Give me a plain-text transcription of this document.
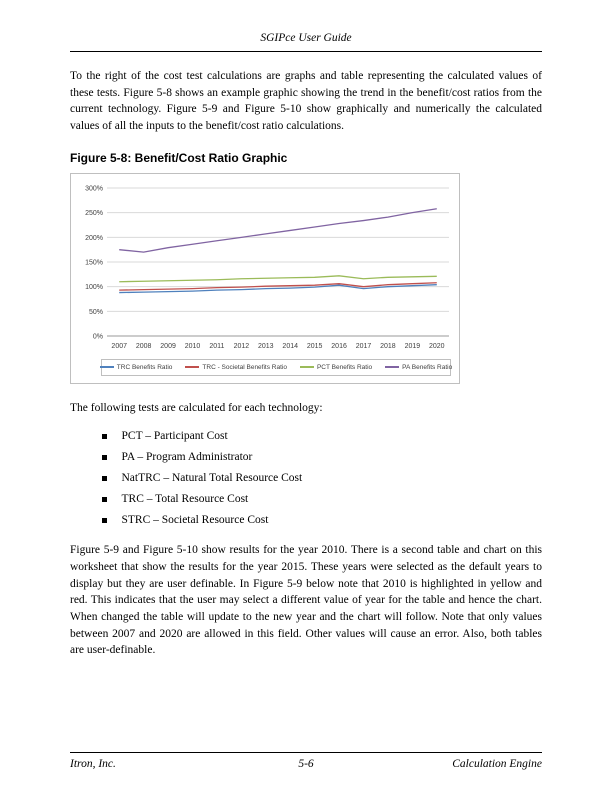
SGIPce User Guide

To the right of the cost test calculations are graphs and table representing the calculated values of these tests. Figure 5-8 shows an example graphic showing the trend in the benefit/cost ratios from the current technology. Figure 5-9 and Figure 5-10 show graphically and numerically the calculated values of all the inputs to the benefit/cost ratio calculations.

Figure 5-8: Benefit/Cost Ratio Graphic
0%
50%
100%
150%
200%
250%
300%
2007 2008 2009 2010 2011 2012 2013 2014 2015 2016 2017 2018 2019 2020
TRC Benefits Ratio	TRC - Societal Benefits Ratio	PCT Benefits Ratio	PA Benefits Ratio

The following tests are calculated for each technology:

PCT – Participant Cost
PA – Program Administrator
NatTRC – Natural Total Resource Cost
TRC – Total Resource Cost
STRC – Societal Resource Cost

Figure 5-9 and Figure 5-10 show results for the year 2010. There is a second table and chart on this worksheet that show the results for the year 2015. These years were selected as the default years to display but they are user definable. In Figure 5-9 below note that 2010 is highlighted in yellow and red. This indicates that the user may select a different value of year for the table and hence the chart. When changed the table will update to the new year and the chart will follow. Note that only values between 2007 and 2020 are allowed in this field. Other values will cause an error. Also, both tables are user-definable.

Itron, Inc.	5-6	Calculation Engine
